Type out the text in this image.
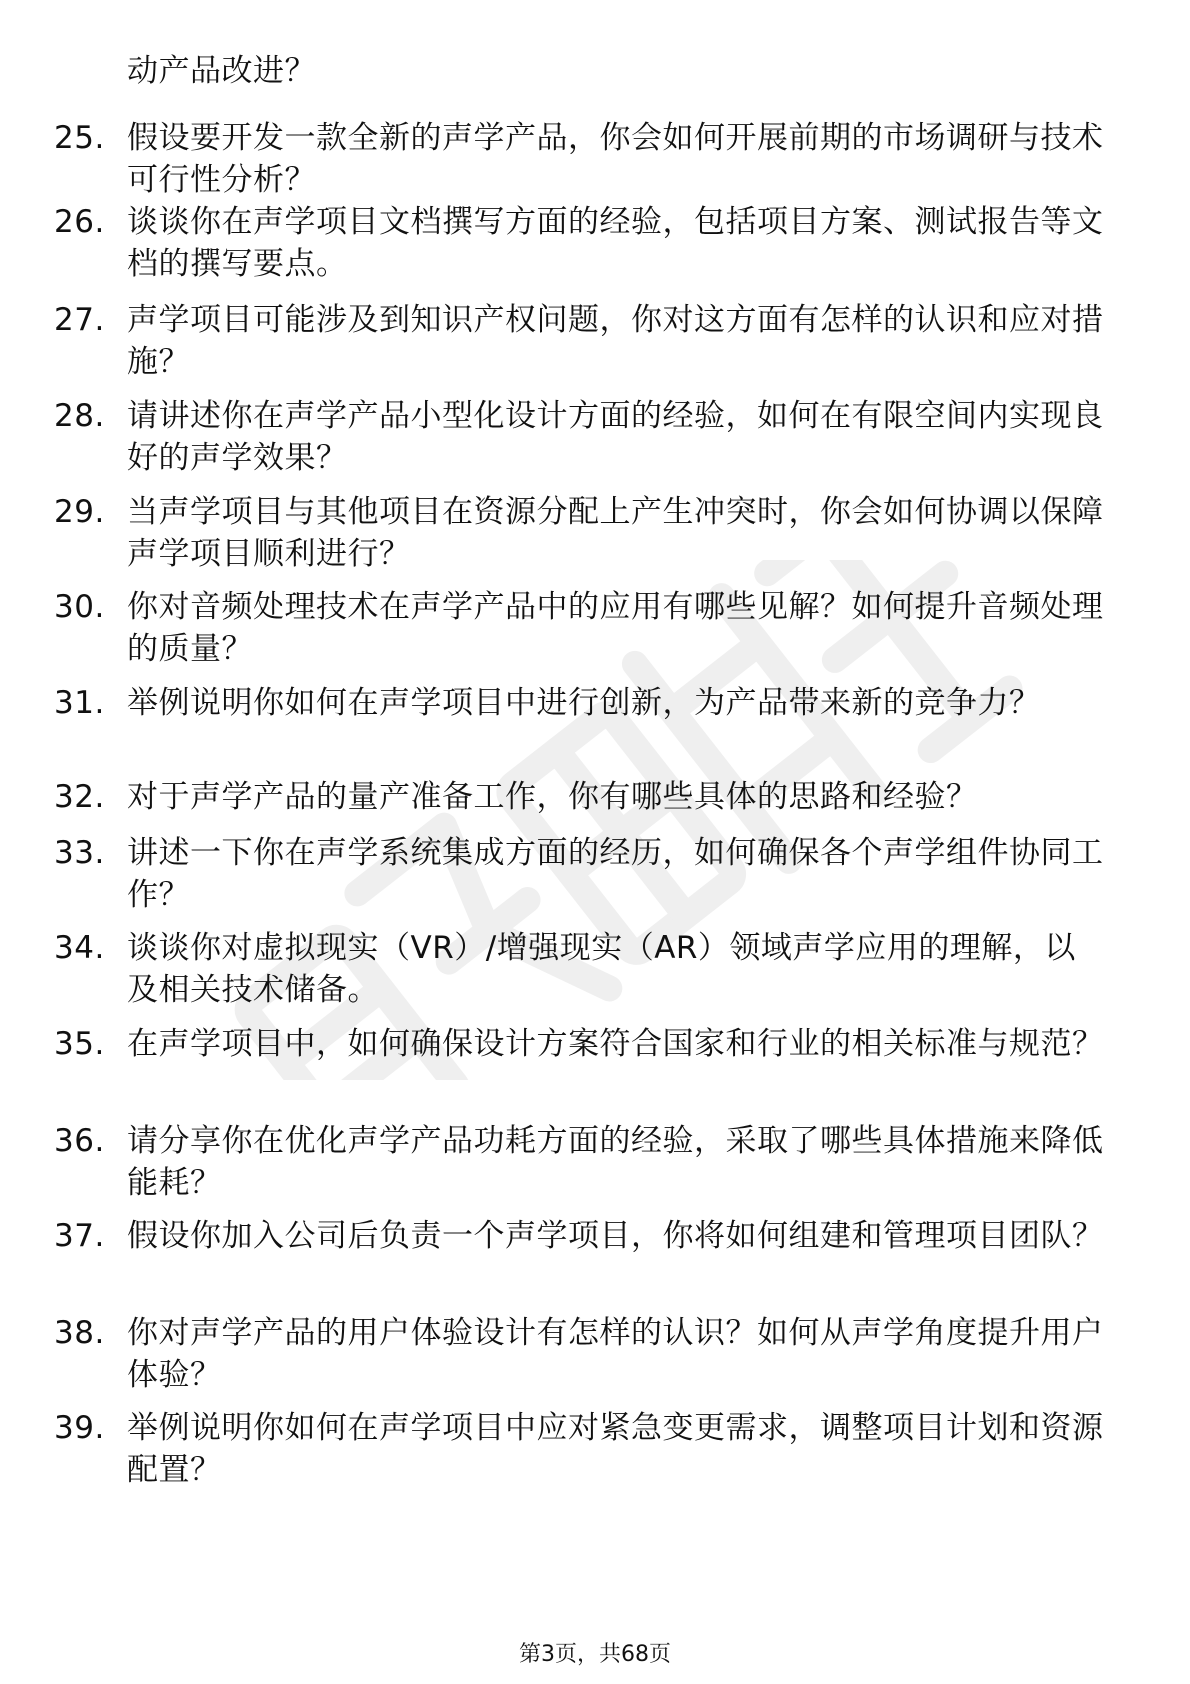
动产品改进？
25. 假设要开发一款全新的声学产品，你会如何开展前期的市场调研与技术可行性分析？
26. 谈谈你在声学项目文档撰写方面的经验，包括项目方案、测试报告等文档的撰写要点。
27. 声学项目可能涉及到知识产权问题，你对这方面有怎样的认识和应对措施？
28. 请讲述你在声学产品小型化设计方面的经验，如何在有限空间内实现良好的声学效果？
29. 当声学项目与其他项目在资源分配上产生冲突时，你会如何协调以保障声学项目顺利进行？
30. 你对音频处理技术在声学产品中的应用有哪些见解？如何提升音频处理的质量？
31. 举例说明你如何在声学项目中进行创新，为产品带来新的竞争力？
32. 对于声学产品的量产准备工作，你有哪些具体的思路和经验？
33. 讲述一下你在声学系统集成方面的经历，如何确保各个声学组件协同工作？
34. 谈谈你对虚拟现实（VR）/增强现实（AR）领域声学应用的理解，以及相关技术储备。
35. 在声学项目中，如何确保设计方案符合国家和行业的相关标准与规范？
36. 请分享你在优化声学产品功耗方面的经验，采取了哪些具体措施来降低能耗？
37. 假设你加入公司后负责一个声学项目，你将如何组建和管理项目团队？
38. 你对声学产品的用户体验设计有怎样的认识？如何从声学角度提升用户体验？
39. 举例说明你如何在声学项目中应对紧急变更需求，调整项目计划和资源配置？
第3页，共68页
